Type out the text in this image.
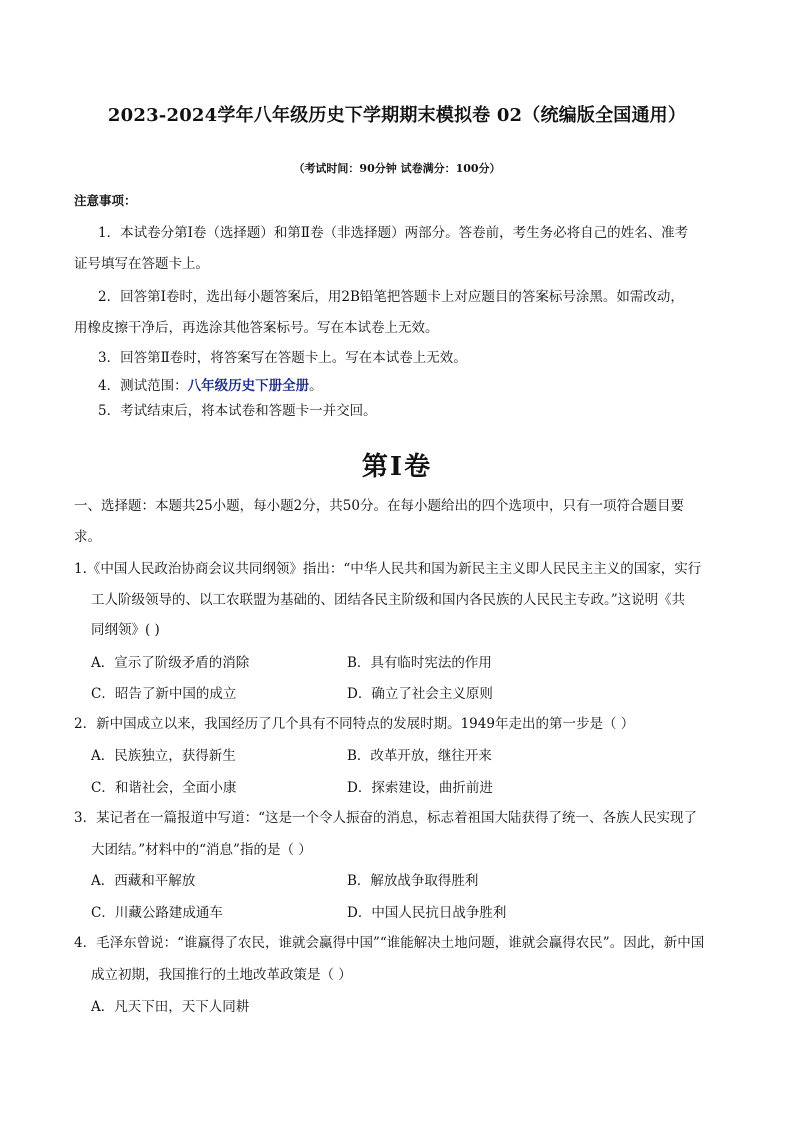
2023-2024学年八年级历史下学期期末模拟卷 02（统编版全国通用）
（考试时间：90分钟 试卷满分：100分）
注意事项：
1．本试卷分第Ⅰ卷（选择题）和第Ⅱ卷（非选择题）两部分。答卷前，考生务必将自己的姓名、准考
证号填写在答题卡上。
2．回答第Ⅰ卷时，选出每小题答案后，用2B铅笔把答题卡上对应题目的答案标号涂黑。如需改动，
用橡皮擦干净后，再选涂其他答案标号。写在本试卷上无效。
3．回答第Ⅱ卷时，将答案写在答题卡上。写在本试卷上无效。
4．测试范围：八年级历史下册全册。
5．考试结束后，将本试卷和答题卡一并交回。
第Ⅰ卷
一、选择题：本题共25小题，每小题2分，共50分。在每小题给出的四个选项中，只有一项符合题目要
求。
1.《中国人民政治协商会议共同纲领》指出：“中华人民共和国为新民主主义即人民民主主义的国家，实行
工人阶级领导的、以工农联盟为基础的、团结各民主阶级和国内各民族的人民民主专政。”这说明《共
同纲领》( )
A．宣示了阶级矛盾的消除	B．具有临时宪法的作用
C．昭告了新中国的成立	D．确立了社会主义原则
2．新中国成立以来，我国经历了几个具有不同特点的发展时期。1949年走出的第一步是（ ）
A．民族独立，获得新生	B．改革开放，继往开来
C．和谐社会，全面小康	D．探索建设，曲折前进
3．某记者在一篇报道中写道：“这是一个令人振奋的消息，标志着祖国大陆获得了统一、各族人民实现了
大团结。”材料中的“消息”指的是（ ）
A．西藏和平解放	B．解放战争取得胜利
C．川藏公路建成通车	D．中国人民抗日战争胜利
4．毛泽东曾说：“谁赢得了农民，谁就会赢得中国”“谁能解决土地问题，谁就会赢得农民”。因此，新中国
成立初期，我国推行的土地改革政策是（ ）
A．凡天下田，天下人同耕
